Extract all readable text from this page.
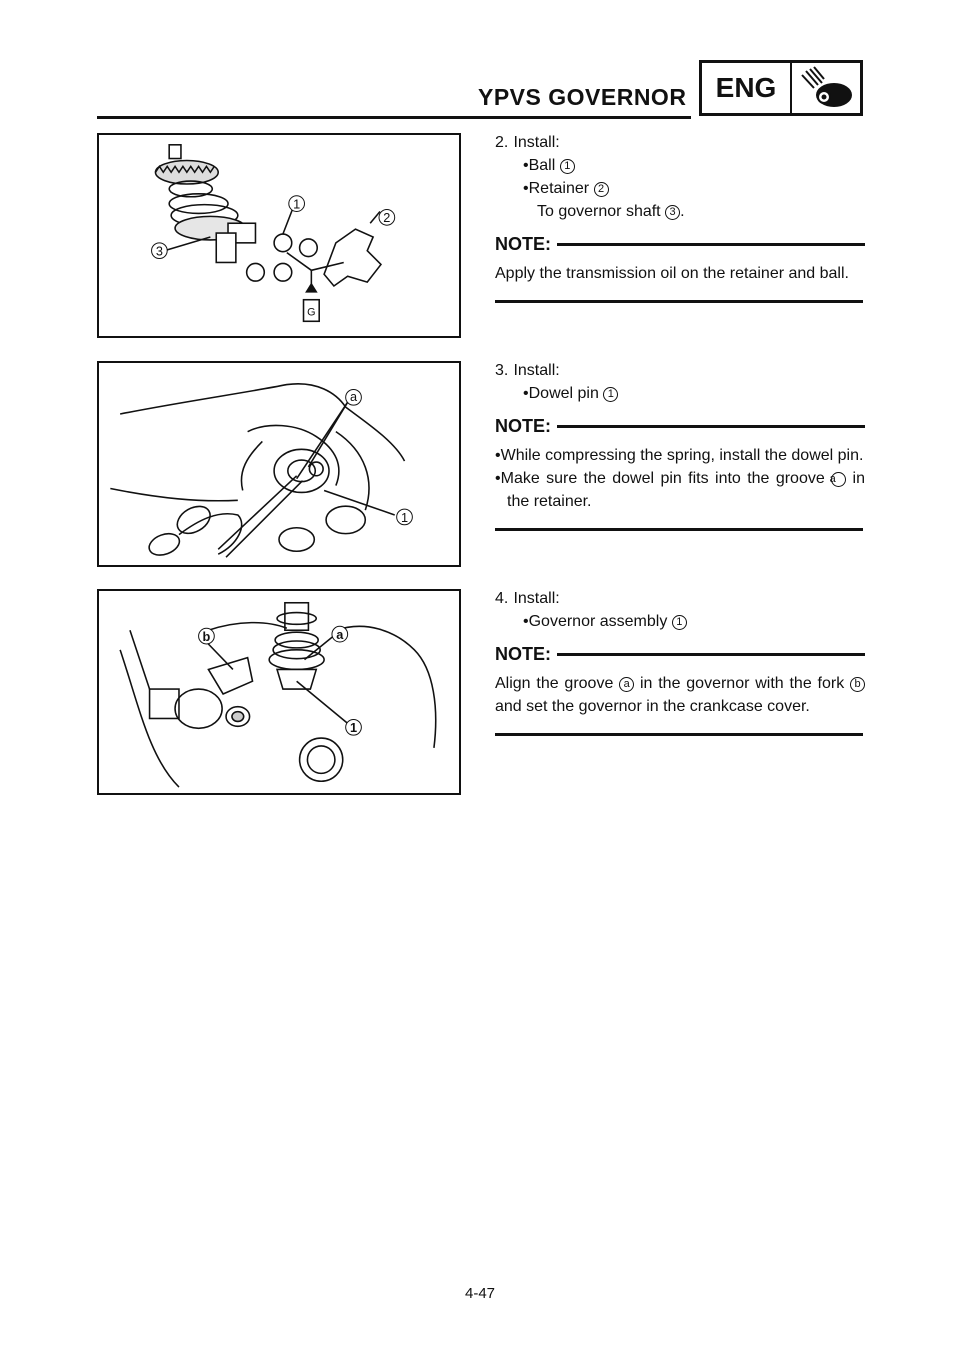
YPVS GOVERNOR	ENG
1
2
3
G
a
1
a
b
1
2. Install:
•Ball 1
•Retainer 2
To governor shaft 3 .
NOTE:
Apply the transmission oil on the retainer and ball.
3. Install:
•Dowel pin 1
NOTE:
•While compressing the spring, install the dowel pin.
•Make sure the dowel pin fits into the groove a in the retainer.
4. Install:
•Governor assembly 1
NOTE:
Align the groove a in the governor with the fork b and set the governor in the crankcase cover.
4-47
